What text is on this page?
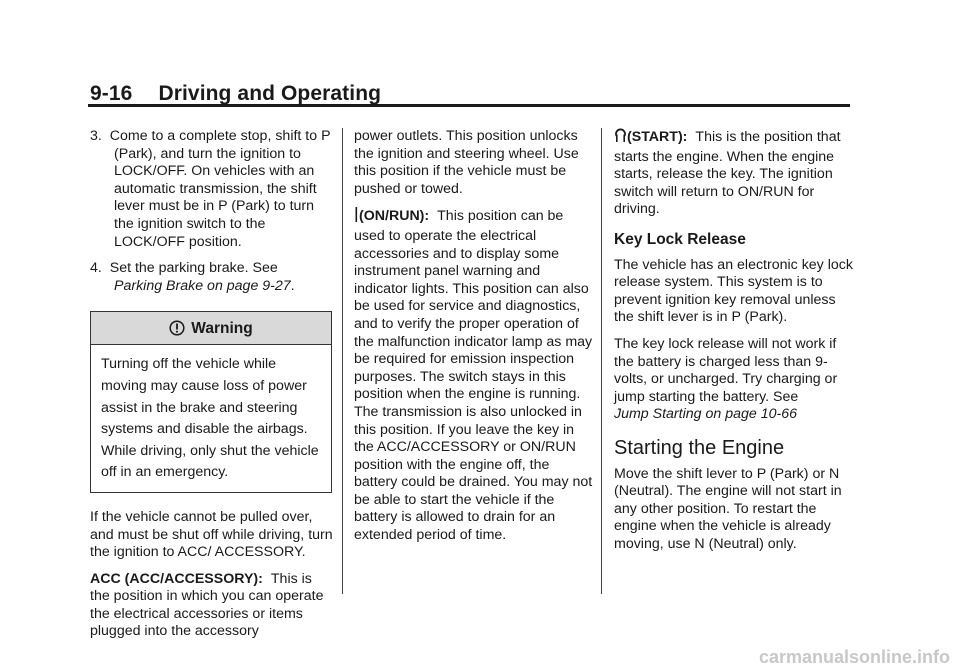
9-16 Driving and Operating
3. Come to a complete stop, shift to P (Park), and turn the ignition to LOCK/OFF. On vehicles with an automatic transmission, the shift lever must be in P (Park) to turn the ignition switch to the LOCK/OFF position.
4. Set the parking brake. See
Parking Brake on page 9-27.
Warning
Turning off the vehicle while moving may cause loss of power assist in the brake and steering systems and disable the airbags. While driving, only shut the vehicle off in an emergency.

If the vehicle cannot be pulled over, and must be shut off while driving, turn the ignition to ACC/ ACCESSORY.

ACC (ACC/ACCESSORY): This is the position in which you can operate the electrical accessories or items plugged into the accessory

power outlets. This position unlocks the ignition and steering wheel. Use this position if the vehicle must be pushed or towed.

(ON/RUN): This position can be used to operate the electrical accessories and to display some instrument panel warning and indicator lights. This position can also be used for service and diagnostics, and to verify the proper operation of the malfunction indicator lamp as may be required for emission inspection purposes. The switch stays in this position when the engine is running. The transmission is also unlocked in this position. If you leave the key in the ACC/ACCESSORY or ON/RUN position with the engine off, the battery could be drained. You may not be able to start the vehicle if the battery is allowed to drain for an extended period of time.

(START): This is the position that starts the engine. When the engine starts, release the key. The ignition switch will return to ON/RUN for driving.

Key Lock Release

The vehicle has an electronic key lock release system. This system is to prevent ignition key removal unless the shift lever is in P (Park).

The key lock release will not work if the battery is charged less than 9-volts, or uncharged. Try charging or jump starting the battery. See
Jump Starting on page 10-66

Starting the Engine

Move the shift lever to P (Park) or N (Neutral). The engine will not start in any other position. To restart the engine when the vehicle is already moving, use N (Neutral) only.

carmanualsonline.info
